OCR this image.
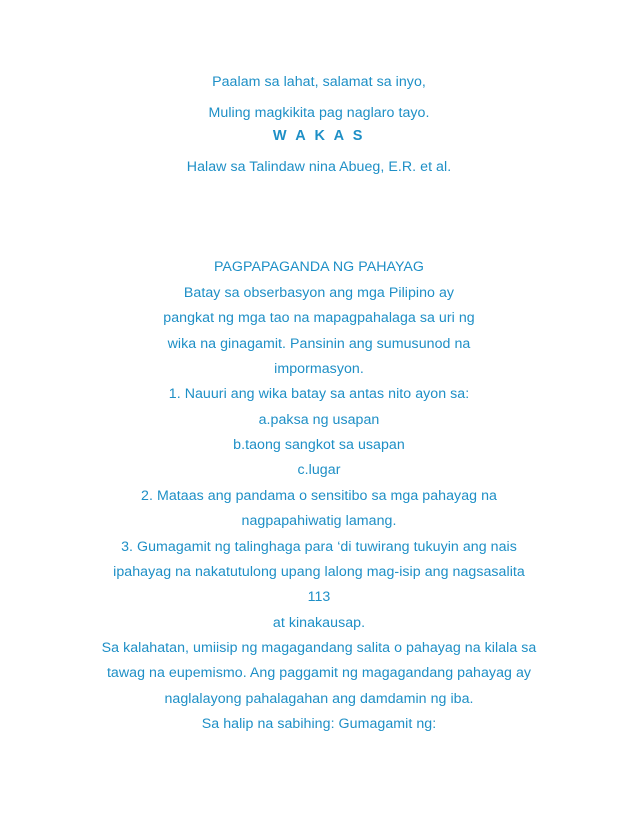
Paalam sa lahat, salamat sa inyo,
Muling magkikita pag naglaro tayo.
W A K A S
Halaw sa Talindaw nina Abueg, E.R. et al.
PAGPAPAGANDA NG PAHAYAG
Batay sa obserbasyon ang mga Pilipino ay
pangkat ng mga tao na mapagpahalaga sa uri ng
wika na ginagamit. Pansinin ang sumusunod na
impormasyon.
1. Nauuri ang wika batay sa antas nito ayon sa:
a.paksa ng usapan
b.taong sangkot sa usapan
c.lugar
2. Mataas ang pandama o sensitibo sa mga pahayag na
nagpapahiwatig lamang.
3. Gumagamit ng talinghaga para ‘di tuwirang tukuyin ang nais
ipahayag na nakatutulong upang lalong mag-isip ang nagsasalita
113
at kinakausap.
Sa kalahatan, umiisip ng magagandang salita o pahayag na kilala sa
tawag na eupemismo. Ang paggamit ng magagandang pahayag ay
naglalayong pahalagahan ang damdamin ng iba.
Sa halip na sabihing: Gumagamit ng:
